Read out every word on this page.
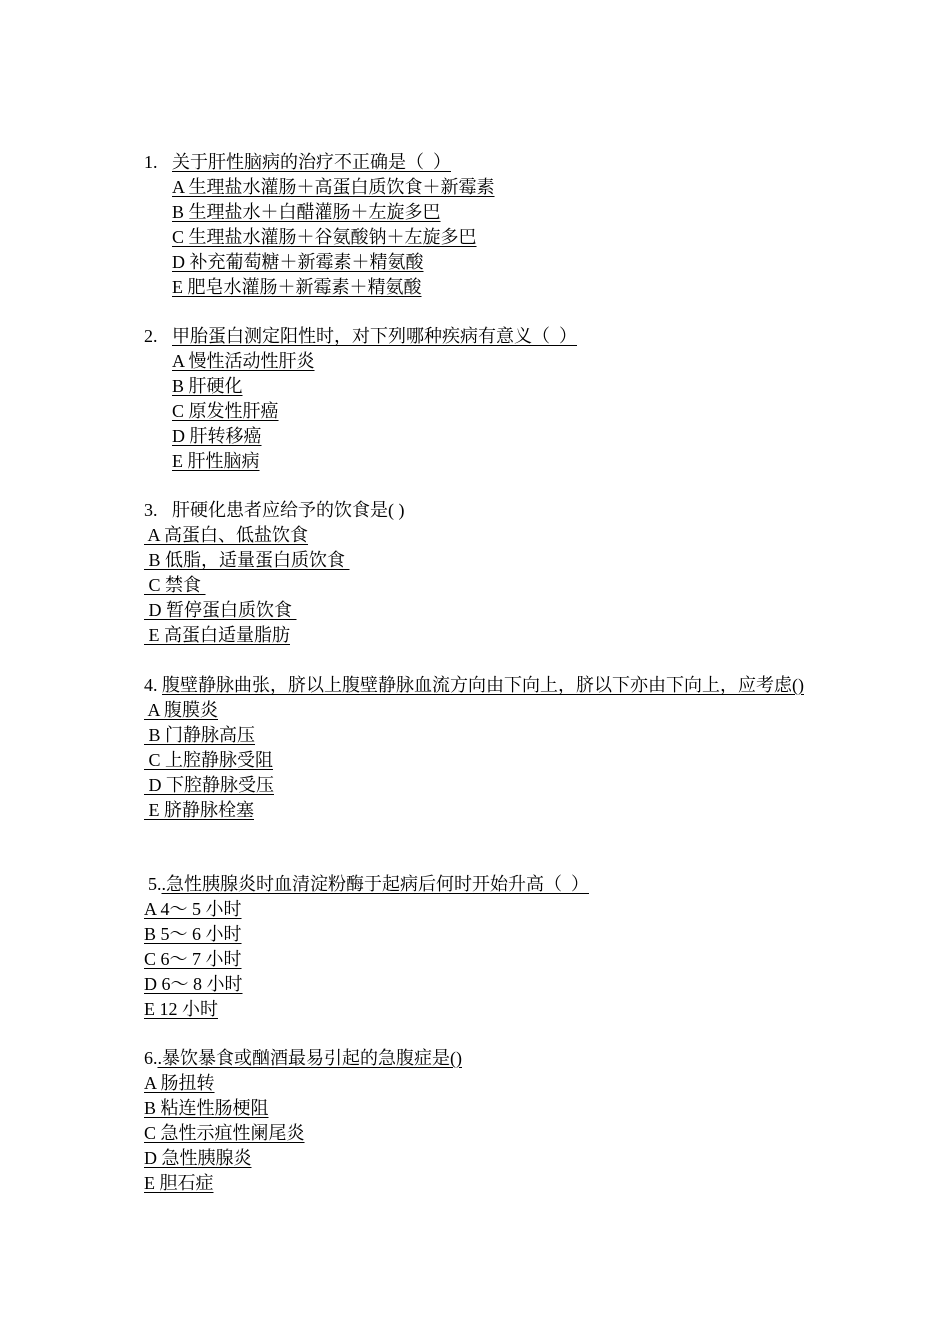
1. 关于肝性脑病的治疗不正确是（  ）
A 生理盐水灌肠＋高蛋白质饮食＋新霉素
B 生理盐水＋白醋灌肠＋左旋多巴
C 生理盐水灌肠＋谷氨酸钠＋左旋多巴
D 补充葡萄糖＋新霉素＋精氨酸
E 肥皂水灌肠＋新霉素＋精氨酸
2. 甲胎蛋白测定阳性时，对下列哪种疾病有意义（  ）
A 慢性活动性肝炎
B 肝硬化
C 原发性肝癌
D 肝转移癌
E 肝性脑病
3. 肝硬化患者应给予的饮食是( )
A 高蛋白、低盐饮食
B 低脂，适量蛋白质饮食
C 禁食
D 暂停蛋白质饮食
E 高蛋白适量脂肪
4. 腹壁静脉曲张，脐以上腹壁静脉血流方向由下向上，脐以下亦由下向上，应考虑()
A 腹膜炎
B 门静脉高压
C 上腔静脉受阻
D 下腔静脉受压
E 脐静脉栓塞
5..急性胰腺炎时血清淀粉酶于起病后何时开始升高（  ）
A 4～ 5 小时
B 5～ 6 小时
C 6～ 7 小时
D 6～ 8 小时
E 12 小时
6..暴饮暴食或酗酒最易引起的急腹症是()
A 肠扭转
B 粘连性肠梗阻
C 急性示疽性阑尾炎
D 急性胰腺炎
E 胆石症
